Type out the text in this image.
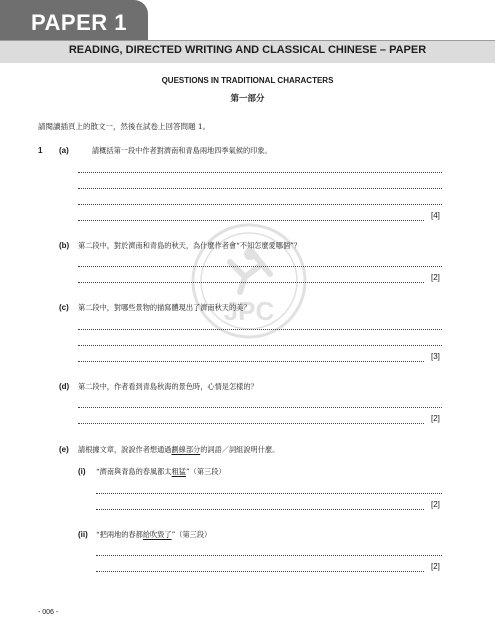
PAPER 1
READING, DIRECTED WRITING AND CLASSICAL CHINESE – PAPER
QUESTIONS IN TRADITIONAL CHARACTERS
第一部分
請閱讀插頁上的散文一，然後在試卷上回答問題 1。
JPC
1 (a)	請概括第一段中作者對濟南和青島兩地四季氣候的印象。
[4]
(b) 第二段中，對於濟南和青島的秋天，為什麼作者會“不知怎麼愛哪個”？
[2]
(c) 第二段中，對哪些景物的描寫體現出了濟南秋天的美？
[3]
(d) 第二段中，作者看到青島秋海的景色時，心情是怎樣的？
[2]
(e) 請根據文章，說說作者想通過劃線部分的詞語／詞組說明什麼。
(i) “濟南與青島的春風都太粗猛”（第三段）
[2]
(ii) “把兩地的春都給吹毀了”（第三段）
[2]
- 006 -
